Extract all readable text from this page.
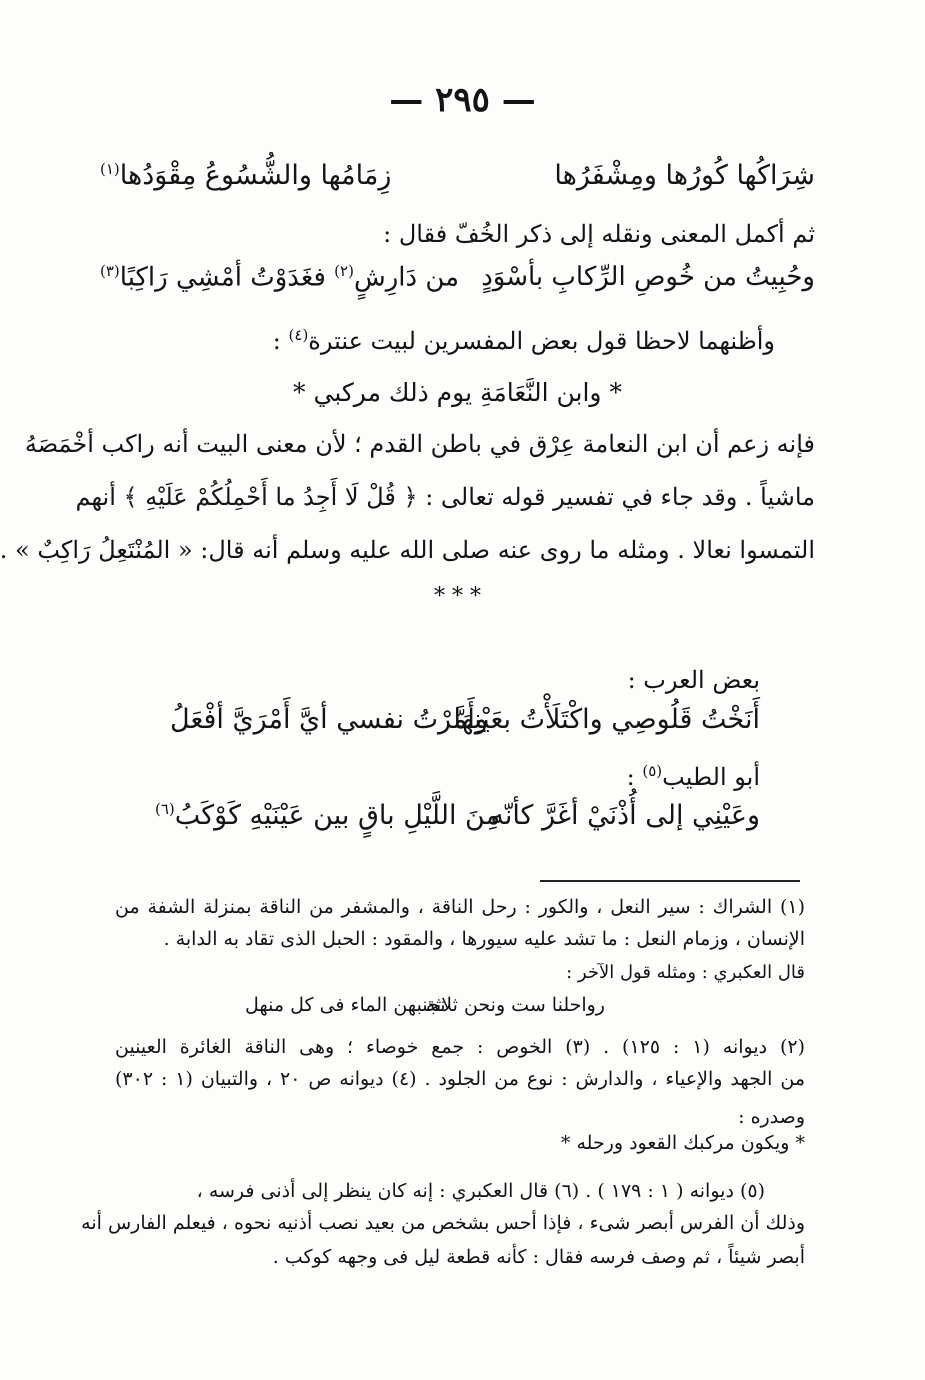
— ٢٩٥ —
شِرَاكُها كُورُها ومِشْفَرُها
زِمَامُها والشُّسُوعُ مِقْوَدُها$^{(١)}$
ثم أكمل المعنى ونقله إلى ذكر الخُفّ فقال :
وحُبِيتُ من خُوصِ الرِّكابِ بأسْوَدٍ
من دَارِشٍ$^{(٢)}$ فغَدَوْتُ أمْشِي رَاكِبًا$^{(٣)}$
وأظنهما لاحظا قول بعض المفسرين لبيت عنترة$^{(٤)}$ :
* وابن النَّعَامَةِ يوم ذلك مركبي *
فإنه زعم أن ابن النعامة عِرْق في باطن القدم ؛ لأن معنى البيت أنه راكب أخْمَصَهُ
ماشياً . وقد جاء في تفسير قوله تعالى : ﴿ قُلْ لَا أَجِدُ ما أَحْمِلُكُمْ عَلَيْهِ ﴾ أنهم
التمسوا نعالا . ومثله ما روى عنه صلى الله عليه وسلم أنه قال: « المُنْتَعِلُ رَاكِبٌ » .
* * *
بعض العرب :
أَنَخْتُ قَلُوصِي واكْتَلَأْتُ بعَيْنِهَا
وأَمَّرْتُ نفسي أيَّ أَمْرَيَّ أفْعَلُ
أبو الطيب$^{(٥)}$ :
وعَيْنِي إلى أُذْنَيْ أغَرَّ كأنّه
مِنَ اللَّيْلِ باقٍ بين عَيْنَيْهِ كَوْكَبُ$^{(٦)}$
(١) الشراك : سير النعل ، والكور : رحل الناقة ، والمشفر من الناقة بمنزلة الشفة من
الإنسان ، وزمام النعل : ما تشد عليه سيورها ، والمقود : الحبل الذى تقاد به الدابة .
قال العكبري : ومثله قول الآخر :
رواحلنا ست ونحن ثلاثة
نجنبهن الماء فى كل منهل
(٢) ديوانه (١ : ١٢٥) . (٣) الخوص : جمع خوصاء ؛ وهى الناقة الغائرة العينين
من الجهد والإعياء ، والدارش : نوع من الجلود . (٤) ديوانه ص ٢٠ ، والتبيان (١ : ٣٠٢)
وصدره :
* ويكون مركبك القعود ورحله *
(٥) ديوانه ( ١ : ١٧٩ ) . (٦) قال العكبري : إنه كان ينظر إلى أذنى فرسه ،
وذلك أن الفرس أبصر شىء ، فإذا أحس بشخص من بعيد نصب أذنيه نحوه ، فيعلم الفارس أنه
أبصر شيئاً ، ثم وصف فرسه فقال : كأنه قطعة ليل فى وجهه كوكب .
